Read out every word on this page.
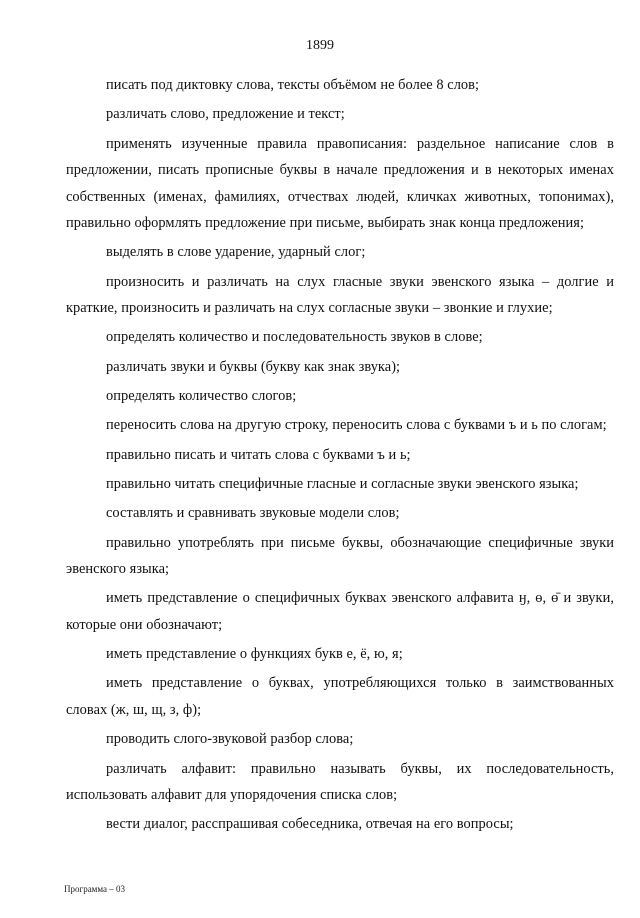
1899

писать под диктовку слова, тексты объёмом не более 8 слов;

различать слово, предложение и текст;

применять изученные правила правописания: раздельное написание слов в предложении, писать прописные буквы в начале предложения и в некоторых именах собственных (именах, фамилиях, отчествах людей, кличках животных, топонимах), правильно оформлять предложение при письме, выбирать знак конца предложения;

выделять в слове ударение, ударный слог;

произносить и различать на слух гласные звуки эвенского языка – долгие и краткие, произносить и различать на слух согласные звуки – звонкие и глухие;

определять количество и последовательность звуков в слове;

различать звуки и буквы (букву как знак звука);

определять количество слогов;

переносить слова на другую строку, переносить слова с буквами ъ и ь по слогам;

правильно писать и читать слова с буквами ъ и ь;

правильно читать специфичные гласные и согласные звуки эвенского языка;

составлять и сравнивать звуковые модели слов;

правильно употреблять при письме буквы, обозначающие специфичные звуки эвенского языка;

иметь представление о специфичных буквах эвенского алфавита ӈ, ө, ө̄ и звуки, которые они обозначают;

иметь представление о функциях букв е, ё, ю, я;

иметь представление о буквах, употребляющихся только в заимствованных словах (ж, ш, щ, з, ф);

проводить слого-звуковой разбор слова;

различать алфавит: правильно называть буквы, их последовательность, использовать алфавит для упорядочения списка слов;

вести диалог, расспрашивая собеседника, отвечая на его вопросы;

Программа – 03
